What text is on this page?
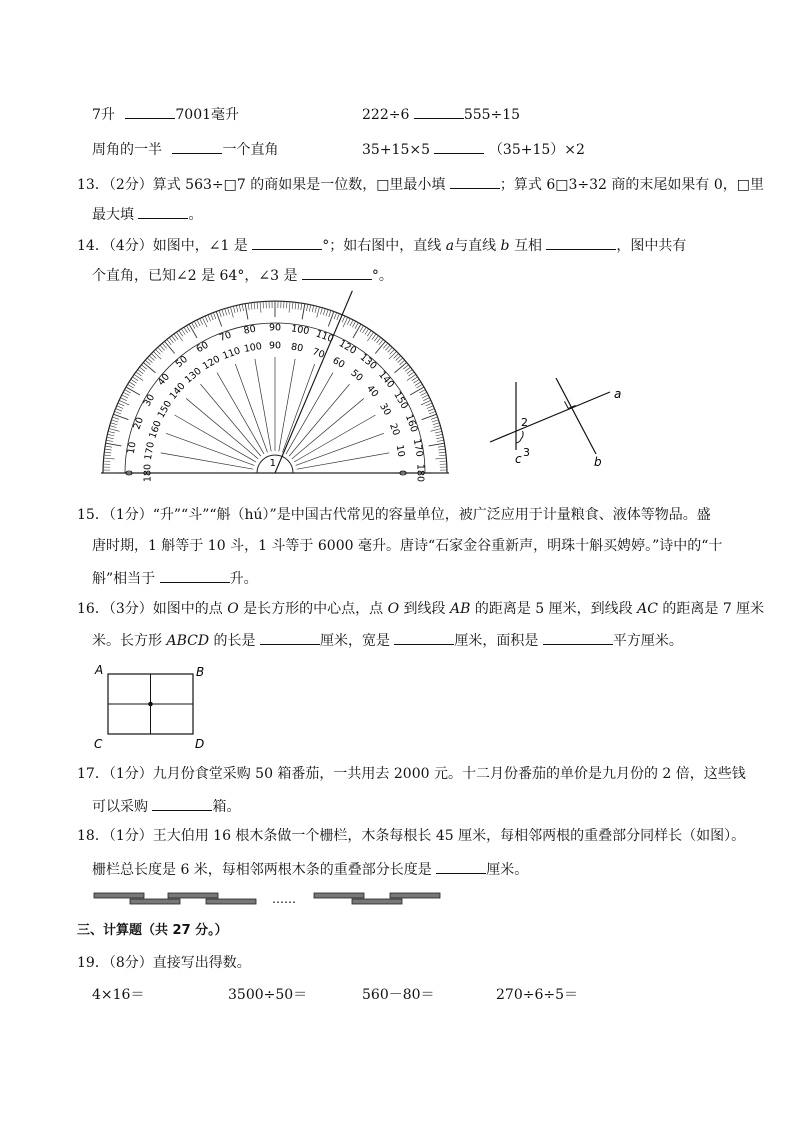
7升	7001毫升	222÷6	555÷15
周角的一半	一个直角	35+15×5	（35+15）×2
13．（2分）算式 563÷□7 的商如果是一位数，□里最小填	；算式 6□3÷32 商的末尾如果有 0，□里
最大填	。
14．（4分）如图中，∠1 是	°；如右图中，直线 a与直线 b 互相	，图中共有
个直角，已知∠2 是 64°，∠3 是	°。
0
10
20
30
40
50
60
70 80 90 100 110
120
130
140
150
160
170
180
180
170
160
150
140
130
120
110 100 90 80 70
60
50
40
30
20
10
0
1
a
b
c
2
3
15．（1分）“升”“斗”“斛（hú）”是中国古代常见的容量单位，被广泛应用于计量粮食、液体等物品。盛
唐时期，1 斛等于 10 斗，1 斗等于 6000 毫升。唐诗“石家金谷重新声，明珠十斛买娉婷。”诗中的“十
斛”相当于	升。
16．（3分）如图中的点 O 是长方形的中心点，点 O 到线段 AB 的距离是 5 厘米，到线段 AC 的距离是 7 厘米
米。长方形 ABCD 的长是	厘米，宽是	厘米，面积是	平方厘米。
A	B
C	D
17．（1分）九月份食堂采购 50 箱番茄，一共用去 2000 元。十二月份番茄的单价是九月份的 2 倍，这些钱
可以采购	箱。
18．（1分）王大伯用 16 根木条做一个栅栏，木条每根长 45 厘米，每相邻两根的重叠部分同样长（如图）。
栅栏总长度是 6 米，每相邻两根木条的重叠部分长度是	厘米。
……
三、计算题（共 27 分。）
19．（8分）直接写出得数。
4×16＝	3500÷50＝	560－80＝	270÷6÷5＝
